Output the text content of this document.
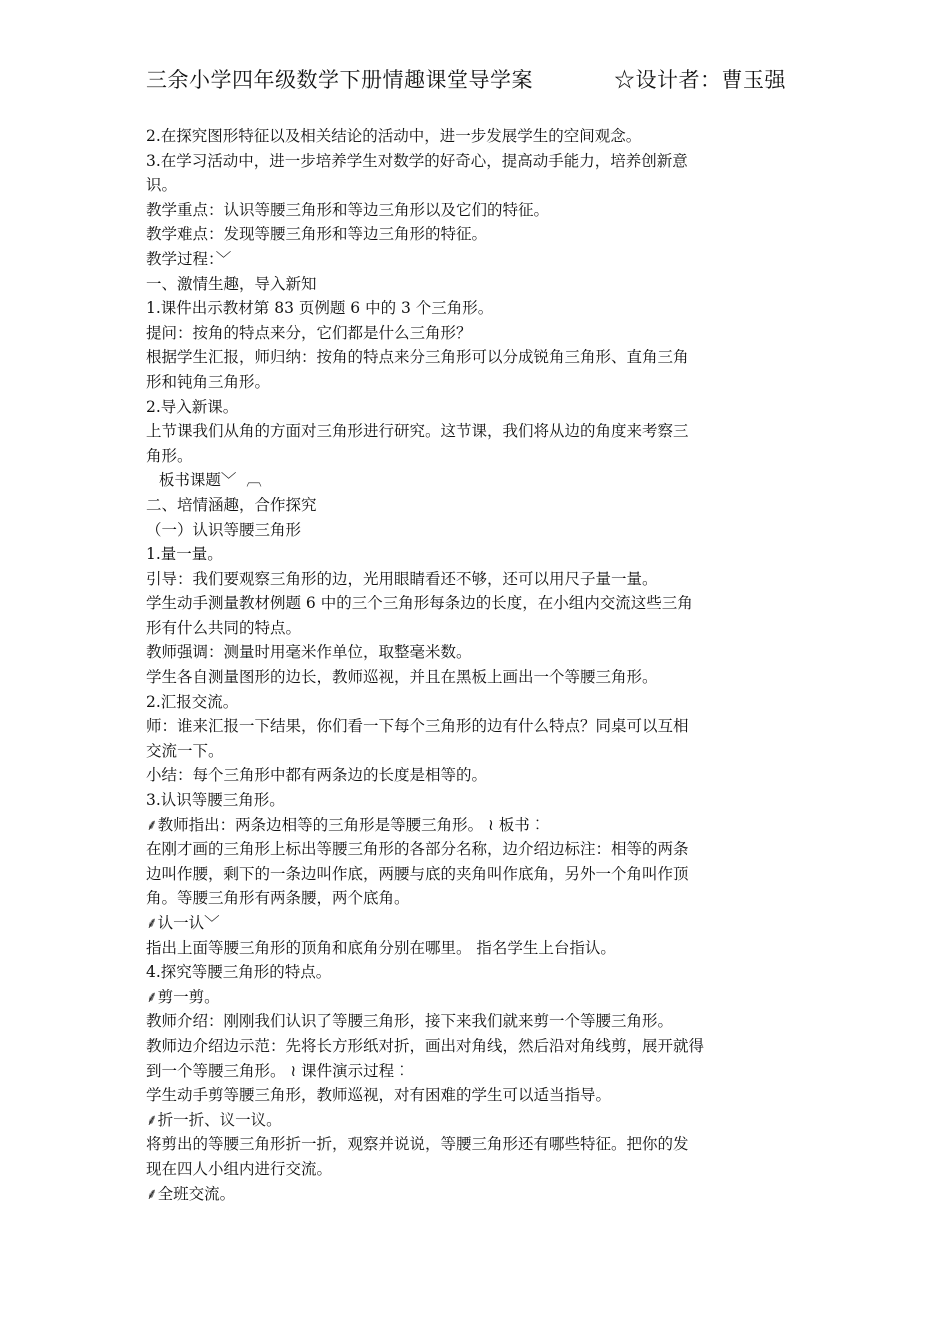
三余小学四年级数学下册情趣课堂导学案	☆设计者：曹玉强
2.在探究图形特征以及相关结论的活动中，进一步发展学生的空间观念。
3.在学习活动中，进一步培养学生对数学的好奇心，提高动手能力，培养创新意
识。
教学重点：认识等腰三角形和等边三角形以及它们的特征。
教学难点：发现等腰三角形和等边三角形的特征。
教学过程：﹀
一、激情生趣，导入新知
1.课件出示教材第 83 页例题 6 中的 3 个三角形。
提问：按角的特点来分，它们都是什么三角形？
根据学生汇报，师归纳：按角的特点来分三角形可以分成锐角三角形、直角三角
形和钝角三角形。
2.导入新课。
上节课我们从角的方面对三角形进行研究。这节课，我们将从边的角度来考察三
角形。
板书课题﹀  ︹
二、培情涵趣，合作探究
（一）认识等腰三角形
1.量一量。
引导：我们要观察三角形的边，光用眼睛看还不够，还可以用尺子量一量。
学生动手测量教材例题 6 中的三个三角形每条边的长度，在小组内交流这些三角
形有什么共同的特点。
教师强调：测量时用毫米作单位，取整毫米数。
学生各自测量图形的边长，教师巡视，并且在黑板上画出一个等腰三角形。
2.汇报交流。
师：谁来汇报一下结果，你们看一下每个三角形的边有什么特点？同桌可以互相
交流一下。
小结：每个三角形中都有两条边的长度是相等的。
3.认识等腰三角形。
⸙教师指出：两条边相等的三角形是等腰三角形。 ≀ 板书︰
在刚才画的三角形上标出等腰三角形的各部分名称，边介绍边标注：相等的两条
边叫作腰，剩下的一条边叫作底，两腰与底的夹角叫作底角，另外一个角叫作顶
角。等腰三角形有两条腰，两个底角。
⸙认一认﹀
指出上面等腰三角形的顶角和底角分别在哪里。 指名学生上台指认。
4.探究等腰三角形的特点。
⸙剪一剪。
教师介绍：刚刚我们认识了等腰三角形，接下来我们就来剪一个等腰三角形。
教师边介绍边示范：先将长方形纸对折，画出对角线，然后沿对角线剪，展开就得
到一个等腰三角形。 ≀ 课件演示过程︰
学生动手剪等腰三角形，教师巡视，对有困难的学生可以适当指导。
⸙折一折、议一议。
将剪出的等腰三角形折一折，观察并说说，等腰三角形还有哪些特征。把你的发
现在四人小组内进行交流。
⸙全班交流。
